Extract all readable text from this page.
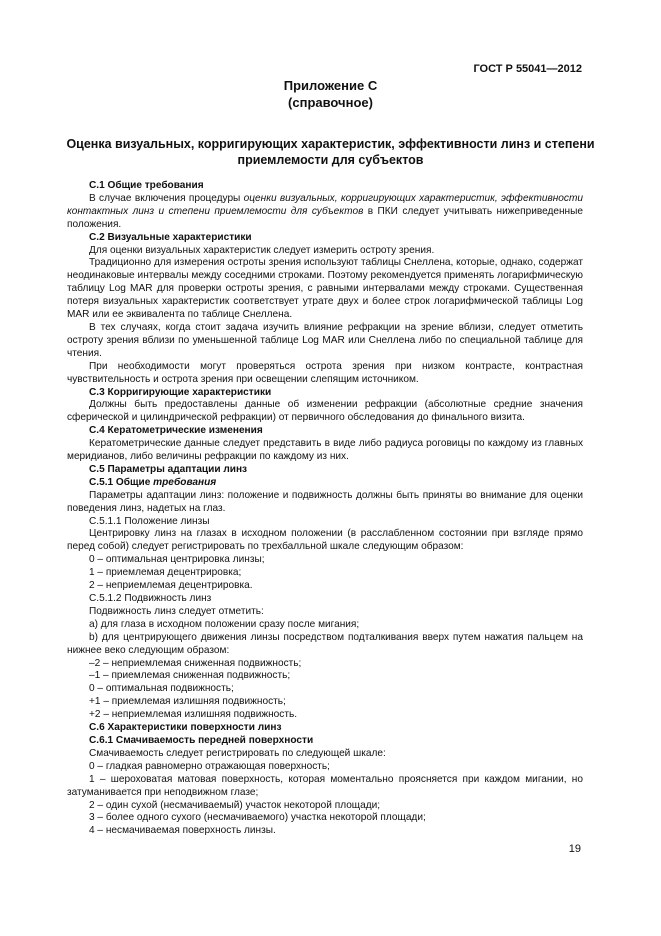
ГОСТ Р 55041—2012
Приложение С
(справочное)
Оценка визуальных, корригирующих характеристик, эффективности линз и степени приемлемости для субъектов

С.1 Общие требования

В случае включения процедуры оценки визуальных, корригирующих характеристик, эффективности контактных линз и степени приемлемости для субъектов в ПКИ следует учитывать нижеприведенные положения.

С.2 Визуальные характеристики

Для оценки визуальных характеристик следует измерить остроту зрения.

Традиционно для измерения остроты зрения используют таблицы Снеллена, которые, однако, содержат неодинаковые интервалы между соседними строками. Поэтому рекомендуется применять логарифмическую таблицу Log MAR для проверки остроты зрения, с равными интервалами между строками. Существенная потеря визуальных характеристик соответствует утрате двух и более строк логарифмической таблицы Log MAR или ее эквивалента по таблице Снеллена.

В тех случаях, когда стоит задача изучить влияние рефракции на зрение вблизи, следует отметить остроту зрения вблизи по уменьшенной таблице Log MAR или Снеллена либо по специальной таблице для чтения.

При необходимости могут проверяться острота зрения при низком контрасте, контрастная чувствительность и острота зрения при освещении слепящим источником.

С.3 Корригирующие характеристики

Должны быть предоставлены данные об изменении рефракции (абсолютные средние значения сферической и цилиндрической рефракции) от первичного обследования до финального визита.

С.4 Кератометрические изменения

Кератометрические данные следует представить в виде либо радиуса роговицы по каждому из главных меридианов, либо величины рефракции по каждому из них.

С.5 Параметры адаптации линз

С.5.1 Общие требования

Параметры адаптации линз: положение и подвижность должны быть приняты во внимание для оценки поведения линз, надетых на глаз.

С.5.1.1 Положение линзы

Центрировку линз на глазах в исходном положении (в расслабленном состоянии при взгляде прямо перед собой) следует регистрировать по трехбалльной шкале следующим образом:

0 – оптимальная центрировка линзы;

1 – приемлемая децентрировка;

2 – неприемлемая децентрировка.

С.5.1.2 Подвижность линз

Подвижность линз следует отметить:

а) для глаза в исходном положении сразу после мигания;

b) для центрирующего движения линзы посредством подталкивания вверх путем нажатия пальцем на нижнее веко следующим образом:

–2 – неприемлемая сниженная подвижность;

–1 – приемлемая сниженная подвижность;

0 – оптимальная подвижность;

+1 – приемлемая излишняя подвижность;

+2 – неприемлемая излишняя подвижность.

С.6 Характеристики поверхности линз

С.6.1 Смачиваемость передней поверхности

Смачиваемость следует регистрировать по следующей шкале:

0 – гладкая равномерно отражающая поверхность;

1 – шероховатая матовая поверхность, которая моментально проясняется при каждом мигании, но затуманивается при неподвижном глазе;

2 – один сухой (несмачиваемый) участок некоторой площади;

3 – более одного сухого (несмачиваемого) участка некоторой площади;

4 – несмачиваемая поверхность линзы.

19
